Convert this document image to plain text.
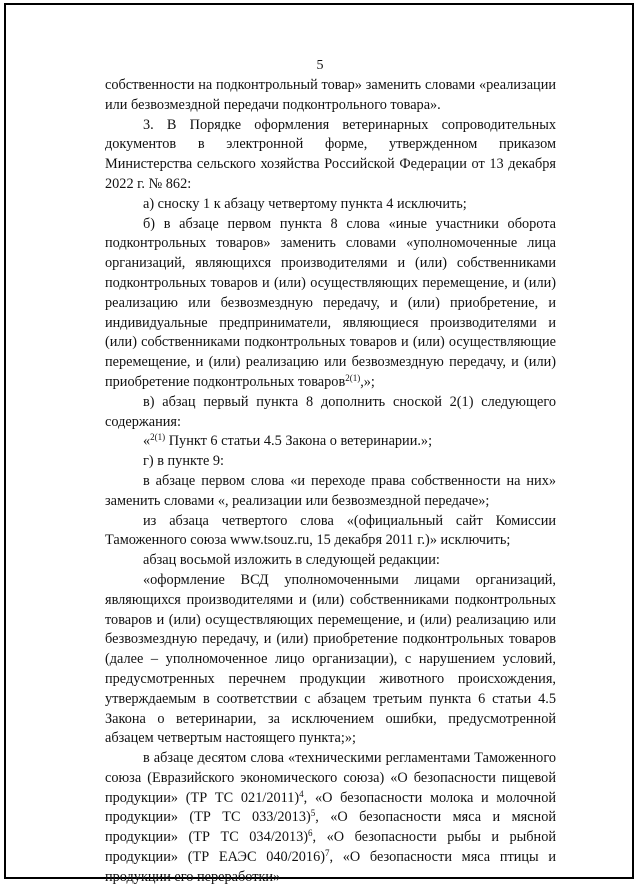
5

собственности на подконтрольный товар» заменить словами «реализации или безвозмездной передачи подконтрольного товара».

3. В Порядке оформления ветеринарных сопроводительных документов в электронной форме, утвержденном приказом Министерства сельского хозяйства Российской Федерации от 13 декабря 2022 г. № 862:

а) сноску 1 к абзацу четвертому пункта 4 исключить;

б) в абзаце первом пункта 8 слова «иные участники оборота подконтрольных товаров» заменить словами «уполномоченные лица организаций, являющихся производителями и (или) собственниками подконтрольных товаров и (или) осуществляющих перемещение, и (или) реализацию или безвозмездную передачу, и (или) приобретение, и индивидуальные предприниматели, являющиеся производителями и (или) собственниками подконтрольных товаров и (или) осуществляющие перемещение, и (или) реализацию или безвозмездную передачу, и (или) приобретение подконтрольных товаров$^{2(1)}$,»;

в) абзац первый пункта 8 дополнить сноской 2(1) следующего содержания:

«$^{2(1)}$ Пункт 6 статьи 4.5 Закона о ветеринарии.»;

г) в пункте 9:

в абзаце первом слова «и переходе права собственности на них» заменить словами «, реализации или безвозмездной передаче»;

из абзаца четвертого слова «(официальный сайт Комиссии Таможенного союза www.tsouz.ru, 15 декабря 2011 г.)» исключить;

абзац восьмой изложить в следующей редакции:

«оформление ВСД уполномоченными лицами организаций, являющихся производителями и (или) собственниками подконтрольных товаров и (или) осуществляющих перемещение, и (или) реализацию или безвозмездную передачу, и (или) приобретение подконтрольных товаров (далее – уполномоченное лицо организации), с нарушением условий, предусмотренных перечнем продукции животного происхождения, утверждаемым в соответствии с абзацем третьим пункта 6 статьи 4.5 Закона о ветеринарии, за исключением ошибки, предусмотренной абзацем четвертым настоящего пункта;»;

в абзаце десятом слова «техническими регламентами Таможенного союза (Евразийского экономического союза) «О безопасности пищевой продукции» (ТР ТС 021/2011)$^4$, «О безопасности молока и молочной продукции» (ТР ТС 033/2013)$^5$, «О безопасности мяса и мясной продукции» (ТР ТС 034/2013)$^6$, «О безопасности рыбы и рыбной продукции» (ТР ЕАЭС 040/2016)$^7$, «О безопасности мяса птицы и продукции его переработки»
